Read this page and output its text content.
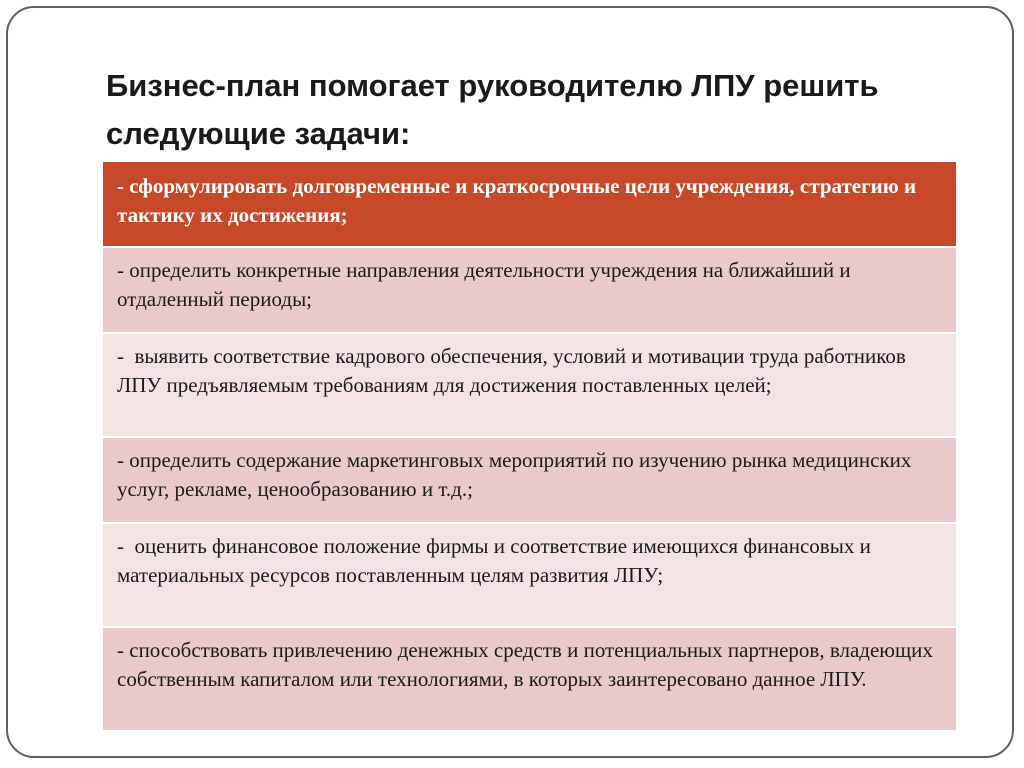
Бизнес-план помогает руководителю ЛПУ решить следующие задачи:
- сформулировать долговременные и краткосрочные цели учреждения, стратегию и тактику их достижения;
- определить конкретные направления деятельности учреждения на ближайший и отдаленный периоды;
-  выявить соответствие кадрового обеспечения, условий и мотивации труда работников ЛПУ предъявляемым требованиям для достижения поставленных целей;
- определить содержание маркетинговых мероприятий по изучению рынка медицинских услуг, рекламе, ценообразованию и т.д.;
-  оценить финансовое положение фирмы и соответствие имеющихся финансовых и материальных ресурсов поставленным целям развития ЛПУ;
- способствовать привлечению денежных средств и потенциальных партнеров, владеющих собственным капиталом или технологиями, в которых заинтересовано данное ЛПУ.
